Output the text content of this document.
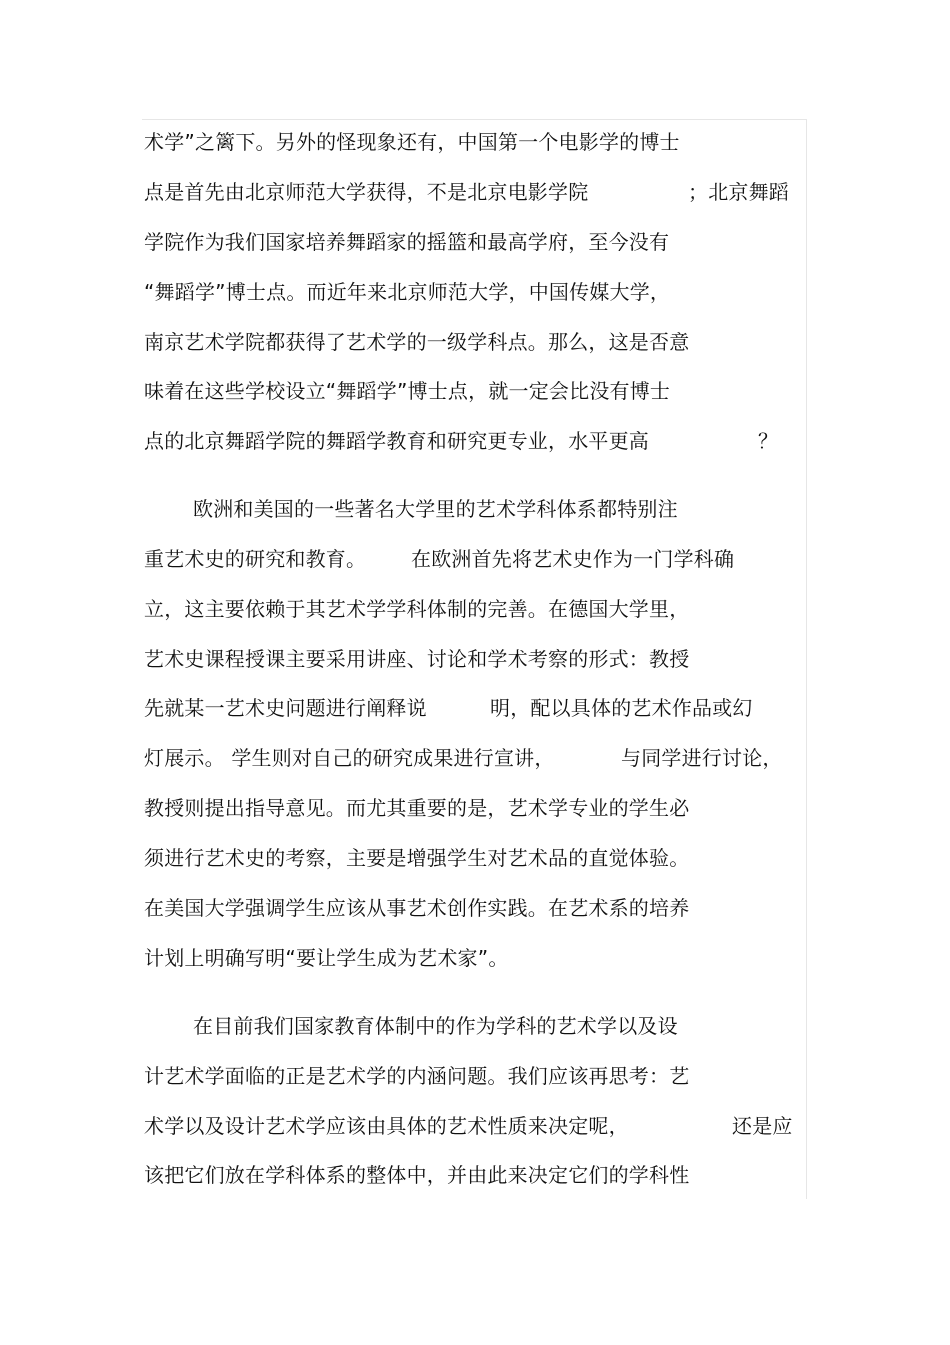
术学”之篱下。另外的怪现象还有，中国第一个电影学的博士
点是首先由北京师范大学获得，不是北京电影学院	；北京舞蹈
学院作为我们国家培养舞蹈家的摇篮和最高学府，至今没有
“舞蹈学”博士点。而近年来北京师范大学，中国传媒大学，
南京艺术学院都获得了艺术学的一级学科点。那么，这是否意
味着在这些学校设立“舞蹈学”博士点，就一定会比没有博士
点的北京舞蹈学院的舞蹈学教育和研究更专业，水平更高	？
欧洲和美国的一些著名大学里的艺术学科体系都特别注
重艺术史的研究和教育。 在欧洲首先将艺术史作为一门学科确
立，这主要依赖于其艺术学学科体制的完善。在德国大学里，
艺术史课程授课主要采用讲座、讨论和学术考察的形式：教授
先就某一艺术史问题进行阐释说	明，配以具体的艺术作品或幻
灯展示。 学生则对自己的研究成果进行宣讲，	与同学进行讨论，
教授则提出指导意见。而尤其重要的是，艺术学专业的学生必
须进行艺术史的考察，主要是增强学生对艺术品的直觉体验。
在美国大学强调学生应该从事艺术创作实践。在艺术系的培养
计划上明确写明“要让学生成为艺术家”。
在目前我们国家教育体制中的作为学科的艺术学以及设
计艺术学面临的正是艺术学的内涵问题。我们应该再思考：艺
术学以及设计艺术学应该由具体的艺术性质来决定呢，	还是应
该把它们放在学科体系的整体中，并由此来决定它们的学科性
